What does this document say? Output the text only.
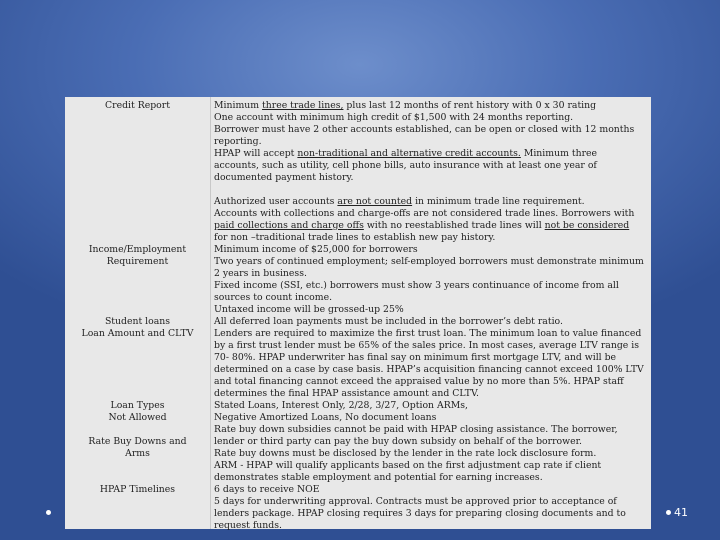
Credit Report
Income/Employment
Requirement
Student loans
Loan Amount and CLTV
Loan Types
Not Allowed
Rate Buy Downs and
Arms
HPAP Timelines

Minimum three trade lines, plus last 12 months of rent history with 0 x 30 rating

One account with minimum high credit of $1,500 with 24 months reporting.

Borrower must have 2 other accounts established, can be open or closed with 12 months reporting.

HPAP will accept non-traditional and alternative credit accounts. Minimum three accounts, such as utility, cell phone bills, auto insurance with at least one year of documented payment history.

Authorized user accounts are not counted in minimum trade line requirement.

Accounts with collections and charge-offs are not considered trade lines. Borrowers with paid collections and charge offs with no reestablished trade lines will not be considered for non –traditional trade lines to establish new pay history.

Minimum income of $25,000 for borrowers

Two years of continued employment; self-employed borrowers must demonstrate minimum 2 years in business.

Fixed income (SSI, etc.) borrowers must show 3 years continuance of income from all sources to count income.

Untaxed income will be grossed-up 25%

All deferred loan payments must be included in the borrower’s debt ratio.

Lenders are required to maximize the first trust loan. The minimum loan to value financed by a first trust lender must be 65% of the sales price. In most cases, average LTV range is 70- 80%. HPAP underwriter has final say on minimum first mortgage LTV, and will be determined on a case by case basis. HPAP’s acquisition financing cannot exceed 100% LTV and total financing cannot exceed the appraised value by no more than 5%. HPAP staff determines the final HPAP assistance amount and CLTV.

Stated Loans, Interest Only, 2/28, 3/27, Option ARMs,

Negative Amortized Loans, No document loans

Rate buy down subsidies cannot be paid with HPAP closing assistance. The borrower, lender or third party can pay the buy down subsidy on behalf of the borrower.

Rate buy downs must be disclosed by the lender in the rate lock disclosure form.

ARM - HPAP will qualify applicants based on the first adjustment cap rate if client demonstrates stable employment and potential for earning increases.

6 days to receive NOE

5 days for underwriting approval. Contracts must be approved prior to acceptance of lenders package. HPAP closing requires 3 days for preparing closing documents and to request funds.

41
